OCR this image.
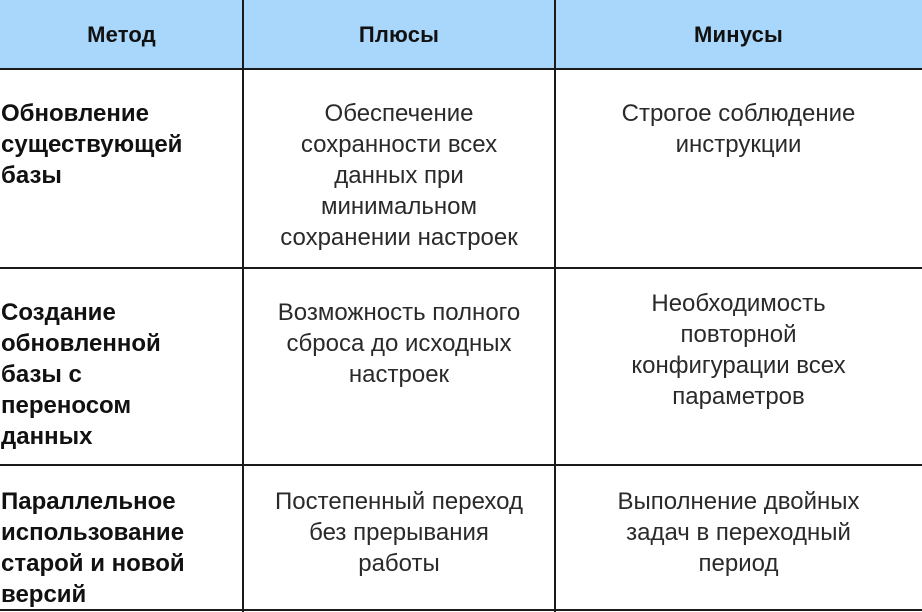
Метод	Плюсы	Минусы
Обновление
существующей
базы
Обеспечение
сохранности всех
данных при
минимальном
сохранении настроек
Строгое соблюдение
инструкции
Создание
обновленной
базы с
переносом
данных
Возможность полного
сброса до исходных
настроек
Необходимость
повторной
конфигурации всех
параметров
Параллельное
использование
старой и новой
версий
Постепенный переход
без прерывания
работы
Выполнение двойных
задач в переходный
период
